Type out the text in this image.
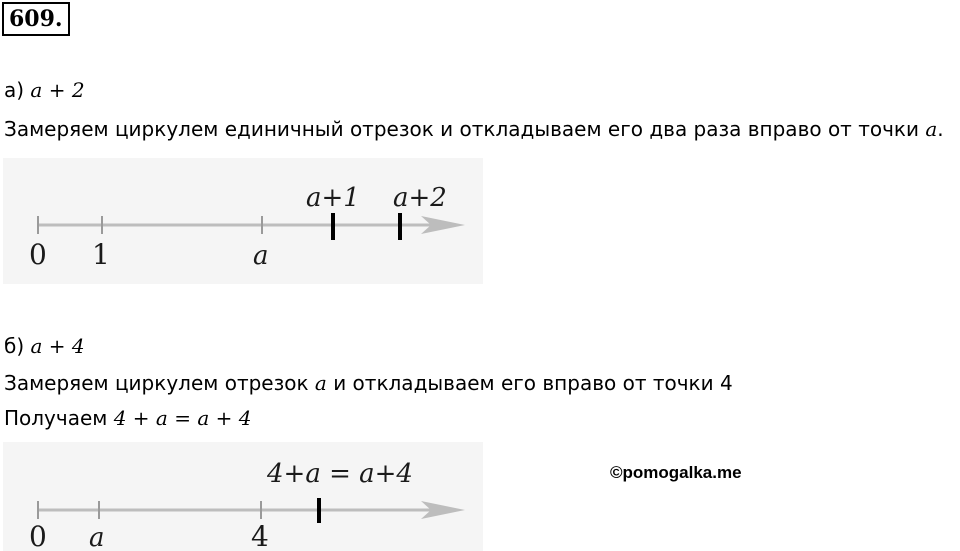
609.
а) a + 2
Замеряем циркулем единичный отрезок и откладываем его два раза вправо от точки a.
0 1	a
a+1 a+2
б) a + 4
Замеряем циркулем отрезок a и откладываем его вправо от точки 4
Получаем 4 + a = a + 4
0 a	4
4+a = a+4	©pomogalka.me
